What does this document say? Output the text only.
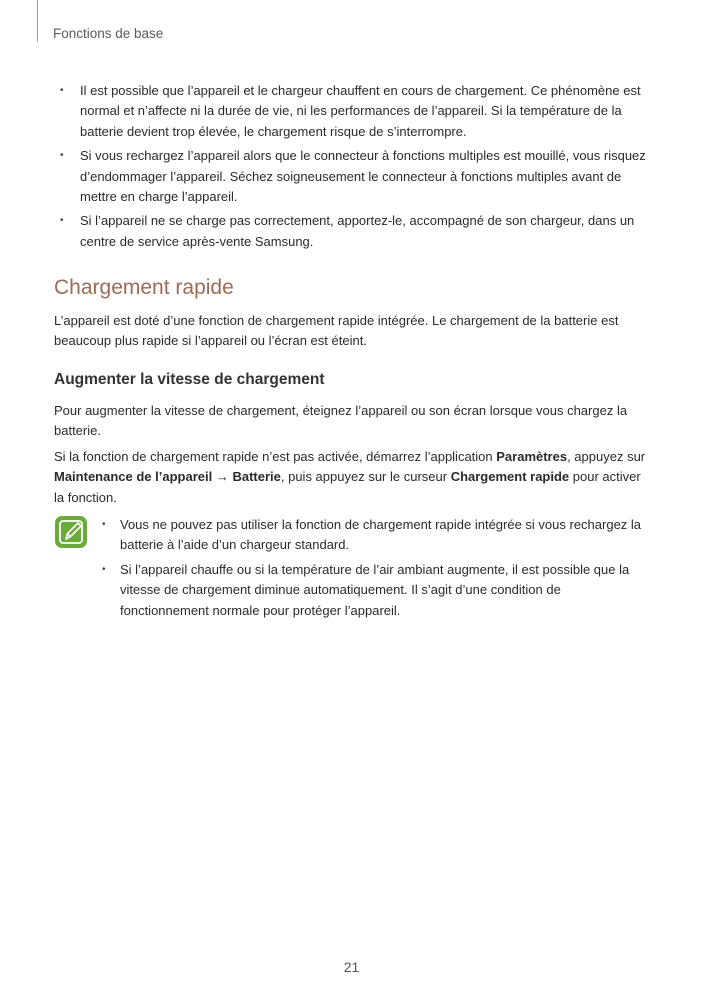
Fonctions de base
• Il est possible que l’appareil et le chargeur chauffent en cours de chargement. Ce phénomène est normal et n’affecte ni la durée de vie, ni les performances de l’appareil. Si la température de la batterie devient trop élevée, le chargement risque de s’interrompre.
• Si vous rechargez l’appareil alors que le connecteur à fonctions multiples est mouillé, vous risquez d’endommager l’appareil. Séchez soigneusement le connecteur à fonctions multiples avant de mettre en charge l’appareil.
• Si l’appareil ne se charge pas correctement, apportez-le, accompagné de son chargeur, dans un centre de service après-vente Samsung.
Chargement rapide

L’appareil est doté d’une fonction de chargement rapide intégrée. Le chargement de la batterie est beaucoup plus rapide si l’appareil ou l’écran est éteint.

Augmenter la vitesse de chargement

Pour augmenter la vitesse de chargement, éteignez l’appareil ou son écran lorsque vous chargez la batterie.

Si la fonction de chargement rapide n’est pas activée, démarrez l’application Paramètres, appuyez sur Maintenance de l’appareil → Batterie, puis appuyez sur le curseur Chargement rapide pour activer la fonction.

• Vous ne pouvez pas utiliser la fonction de chargement rapide intégrée si vous rechargez la batterie à l’aide d’un chargeur standard.
• Si l’appareil chauffe ou si la température de l’air ambiant augmente, il est possible que la vitesse de chargement diminue automatiquement. Il s’agit d’une condition de fonctionnement normale pour protéger l’appareil.
21
